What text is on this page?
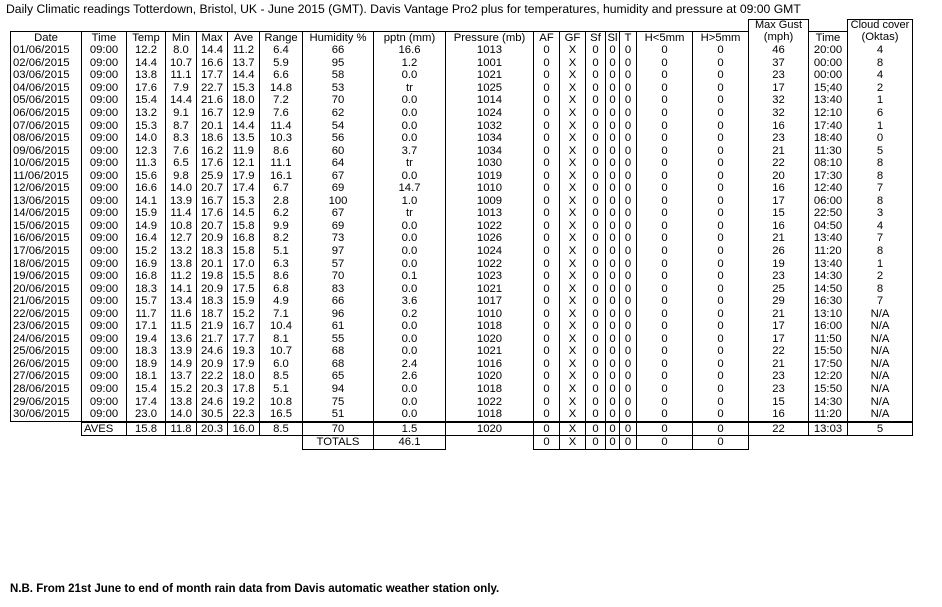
Daily Climatic readings Totterdown, Bristol, UK - June 2015 (GMT). Davis Vantage Pro2 plus for temperatures, humidity and pressure at 09:00 GMT
																	Max Gust		Cloud cover
Date	Time	Temp	Min	Max	Ave	Range	Humidity %	pptn (mm)	Pressure (mb)	AF	GF	Sf	Sl	T	H<5mm	H>5mm	(mph)	Time	(Oktas)
01/06/2015	09:00	12.2	8.0	14.4	11.2	6.4	66	16.6	1013	0	X	0	0	0	0	0	46	20:00	4
02/06/2015	09:00	14.4	10.7	16.6	13.7	5.9	95	1.2	1001	0	X	0	0	0	0	0	37	00:00	8
03/06/2015	09:00	13.8	11.1	17.7	14.4	6.6	58	0.0	1021	0	X	0	0	0	0	0	23	00:00	4
04/06/2015	09:00	17.6	7.9	22.7	15.3	14.8	53	tr	1025	0	X	0	0	0	0	0	17	15;40	2
05/06/2015	09:00	15.4	14.4	21.6	18.0	7.2	70	0.0	1014	0	X	0	0	0	0	0	32	13:40	1
06/06/2015	09:00	13.2	9.1	16.7	12.9	7.6	62	0.0	1024	0	X	0	0	0	0	0	32	12:10	6
07/06/2015	09:00	15.3	8.7	20.1	14.4	11.4	54	0.0	1032	0	X	0	0	0	0	0	16	17:40	1
08/06/2015	09:00	14.0	8.3	18.6	13.5	10.3	56	0.0	1034	0	X	0	0	0	0	0	23	18:40	0
09/06/2015	09:00	12.3	7.6	16.2	11.9	8.6	60	3.7	1034	0	X	0	0	0	0	0	21	11:30	5
10/06/2015	09:00	11.3	6.5	17.6	12.1	11.1	64	tr	1030	0	X	0	0	0	0	0	22	08:10	8
11/06/2015	09:00	15.6	9.8	25.9	17.9	16.1	67	0.0	1019	0	X	0	0	0	0	0	20	17:30	8
12/06/2015	09:00	16.6	14.0	20.7	17.4	6.7	69	14.7	1010	0	X	0	0	0	0	0	16	12:40	7
13/06/2015	09:00	14.1	13.9	16.7	15.3	2.8	100	1.0	1009	0	X	0	0	0	0	0	17	06:00	8
14/06/2015	09:00	15.9	11.4	17.6	14.5	6.2	67	tr	1013	0	X	0	0	0	0	0	15	22:50	3
15/06/2015	09:00	14.9	10.8	20.7	15.8	9.9	69	0.0	1022	0	X	0	0	0	0	0	16	04:50	4
16/06/2015	09:00	16.4	12.7	20.9	16.8	8.2	73	0.0	1026	0	X	0	0	0	0	0	21	13:40	7
17/06/2015	09:00	15.2	13.2	18.3	15.8	5.1	97	0.0	1024	0	X	0	0	0	0	0	26	11:20	8
18/06/2015	09:00	16.9	13.8	20.1	17.0	6.3	57	0.0	1022	0	X	0	0	0	0	0	19	13:40	1
19/06/2015	09:00	16.8	11.2	19.8	15.5	8.6	70	0.1	1023	0	X	0	0	0	0	0	23	14:30	2
20/06/2015	09:00	18.3	14.1	20.9	17.5	6.8	83	0.0	1021	0	X	0	0	0	0	0	25	14:50	8
21/06/2015	09:00	15.7	13.4	18.3	15.9	4.9	66	3.6	1017	0	X	0	0	0	0	0	29	16:30	7
22/06/2015	09:00	11.7	11.6	18.7	15.2	7.1	96	0.2	1010	0	X	0	0	0	0	0	21	13:10	N/A
23/06/2015	09:00	17.1	11.5	21.9	16.7	10.4	61	0.0	1018	0	X	0	0	0	0	0	17	16:00	N/A
24/06/2015	09:00	19.4	13.6	21.7	17.7	8.1	55	0.0	1020	0	X	0	0	0	0	0	17	11:50	N/A
25/06/2015	09:00	18.3	13.9	24.6	19.3	10.7	68	0.0	1021	0	X	0	0	0	0	0	22	15:50	N/A
26/06/2015	09:00	18.9	14.9	20.9	17.9	6.0	68	2.4	1016	0	X	0	0	0	0	0	21	17:50	N/A
27/06/2015	09:00	18.1	13.7	22.2	18.0	8.5	65	2.6	1020	0	X	0	0	0	0	0	23	12:20	N/A
28/06/2015	09:00	15.4	15.2	20.3	17.8	5.1	94	0.0	1018	0	X	0	0	0	0	0	23	15:50	N/A
29/06/2015	09:00	17.4	13.8	24.6	19.2	10.8	75	0.0	1022	0	X	0	0	0	0	0	15	14:30	N/A
30/06/2015	09:00	23.0	14.0	30.5	22.3	16.5	51	0.0	1018	0	X	0	0	0	0	0	16	11:20	N/A
	AVES	15.8	11.8	20.3	16.0	8.5	70	1.5	1020	0	X	0	0	0	0	0	22	13:03	5
							TOTALS	46.1		0	X	0	0	0	0	0			
N.B. From 21st June to end of month rain data from Davis automatic weather station only.
